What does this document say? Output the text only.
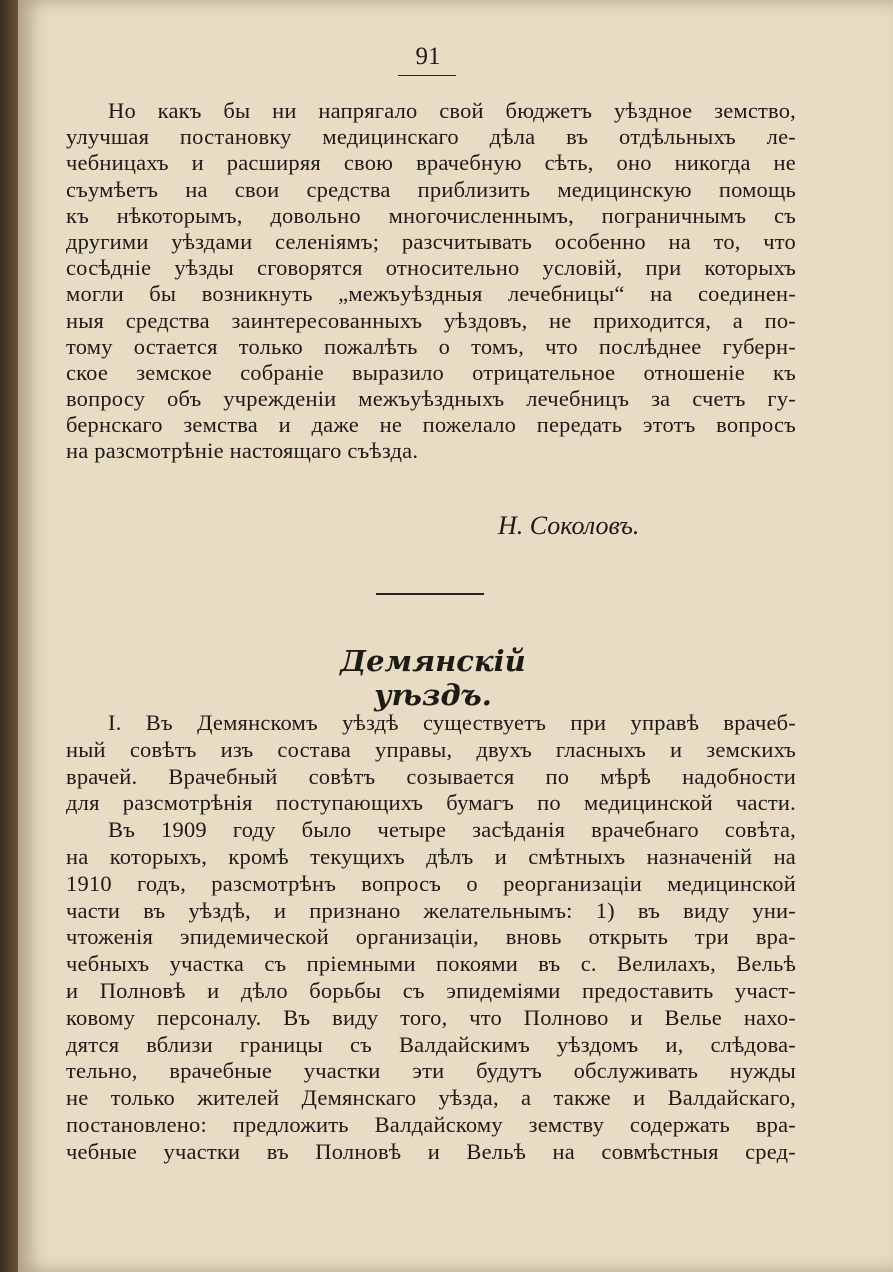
91
Но какъ бы ни напрягало свой бюджетъ уѣздное земство,
улучшая постановку медицинскаго дѣла въ отдѣльныхъ ле-
чебницахъ и расширяя свою врачебную сѣть, оно никогда не
съумѣетъ на свои средства приблизить медицинскую помощь
къ нѣкоторымъ, довольно многочисленнымъ, пограничнымъ съ
другими уѣздами селеніямъ; разсчитывать особенно на то, что
сосѣдніе уѣзды сговорятся относительно условій, при которыхъ
могли бы возникнуть „межъуѣздныя лечебницы“ на соединен-
ныя средства заинтересованныхъ уѣздовъ, не приходится, а по-
тому остается только пожалѣть о томъ, что послѣднее губерн-
ское земское собраніе выразило отрицательное отношеніе къ
вопросу объ учрежденіи межъуѣздныхъ лечебницъ за счетъ гу-
бернскаго земства и даже не пожелало передать этотъ вопросъ
на разсмотрѣніе настоящаго съѣзда.
Н. Соколовъ.
Демянскій уѣздъ.
I. Въ Демянскомъ уѣздѣ существуетъ при управѣ врачеб-
ный совѣтъ изъ состава управы, двухъ гласныхъ и земскихъ
врачей. Врачебный совѣтъ созывается по мѣрѣ надобности
для разсмотрѣнія поступающихъ бумагъ по медицинской части.
Въ 1909 году было четыре засѣданія врачебнаго совѣта,
на которыхъ, кромѣ текущихъ дѣлъ и смѣтныхъ назначеній на
1910 годъ, разсмотрѣнъ вопросъ о реорганизаціи медицинской
части въ уѣздѣ, и признано желательнымъ: 1) въ виду уни-
чтоженія эпидемической организаціи, вновь открыть три вра-
чебныхъ участка съ пріемными покоями въ с. Велилахъ, Вельѣ
и Полновѣ и дѣло борьбы съ эпидеміями предоставить участ-
ковому персоналу. Въ виду того, что Полново и Велье нахо-
дятся вблизи границы съ Валдайскимъ уѣздомъ и, слѣдова-
тельно, врачебные участки эти будутъ обслуживать нужды
не только жителей Демянскаго уѣзда, а также и Валдайскаго,
постановлено: предложить Валдайскому земству содержать вра-
чебные участки въ Полновѣ и Вельѣ на совмѣстныя сред-
